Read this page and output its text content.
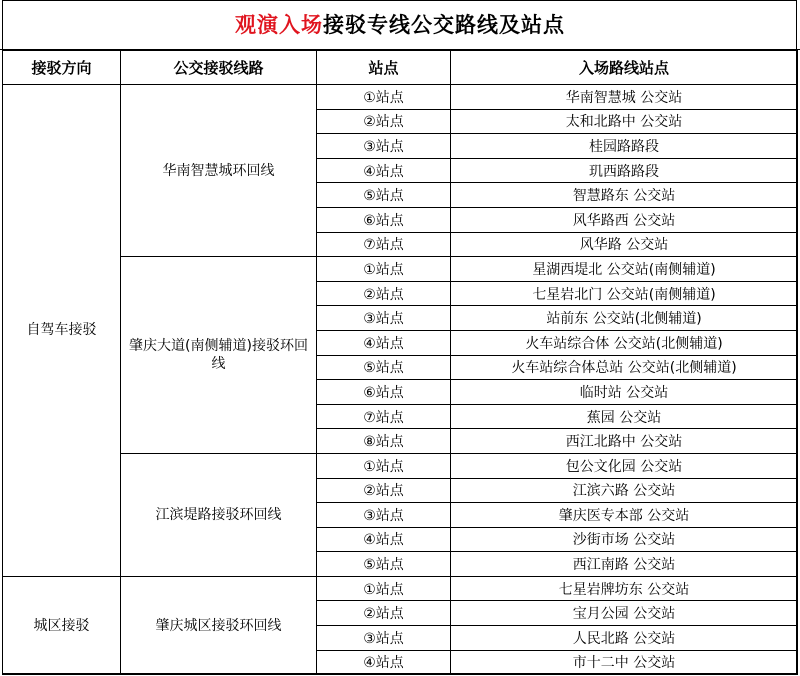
观演入场接驳专线公交路线及站点
接驳方向	公交接驳线路	站点	入场路线站点
自驾车接驳	华南智慧城环回线	①站点	华南智慧城 公交站
		②站点	太和北路中 公交站
		③站点	桂园路路段
		④站点	玑西路路段
		⑤站点	智慧路东 公交站
		⑥站点	风华路西 公交站
		⑦站点	风华路 公交站
	肇庆大道(南侧辅道)接驳环回线	①站点	星湖西堤北 公交站(南侧辅道)
		②站点	七星岩北门 公交站(南侧辅道)
		③站点	站前东 公交站(北侧辅道)
		④站点	火车站综合体 公交站(北侧辅道)
		⑤站点	火车站综合体总站 公交站(北侧辅道)
		⑥站点	临时站 公交站
		⑦站点	蕉园 公交站
		⑧站点	西江北路中 公交站
	江滨堤路接驳环回线	①站点	包公文化园 公交站
		②站点	江滨六路 公交站
		③站点	肇庆医专本部 公交站
		④站点	沙街市场 公交站
		⑤站点	西江南路 公交站
城区接驳	肇庆城区接驳环回线	①站点	七星岩牌坊东 公交站
		②站点	宝月公园 公交站
		③站点	人民北路 公交站
		④站点	市十二中 公交站
